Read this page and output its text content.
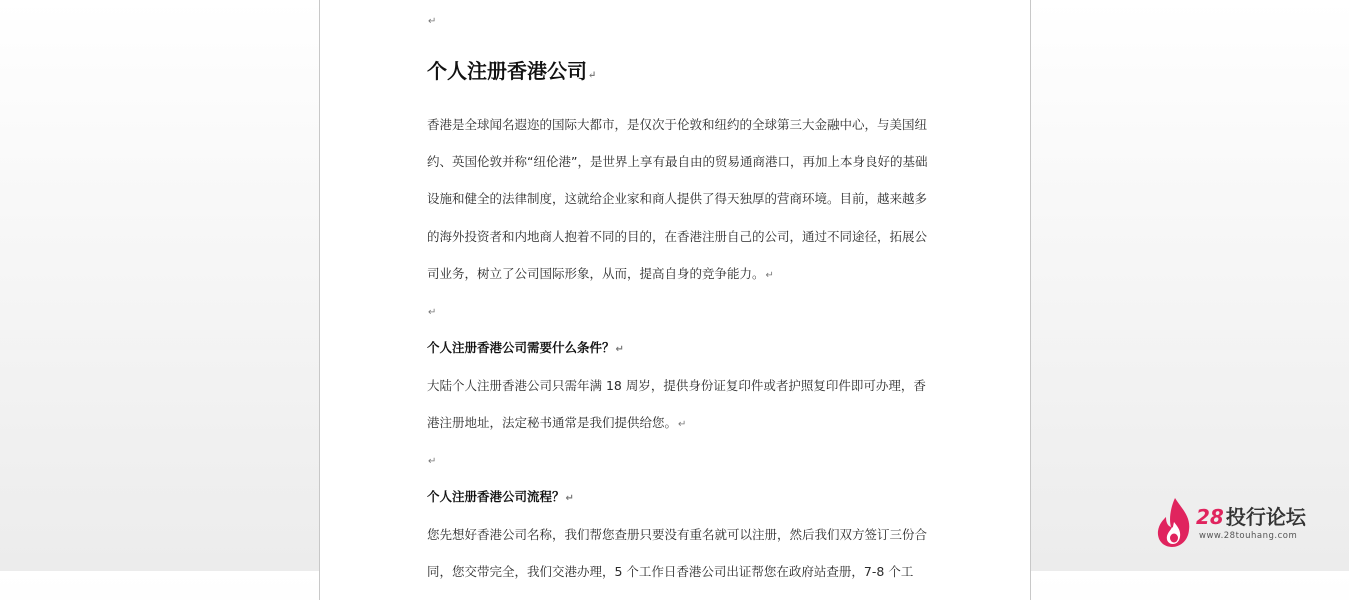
↵
个人注册香港公司↵
香港是全球闻名遐迩的国际大都市，是仅次于伦敦和纽约的全球第三大金融中心，与美国纽
约、英国伦敦并称“纽伦港”，是世界上享有最自由的贸易通商港口，再加上本身良好的基础
设施和健全的法律制度，这就给企业家和商人提供了得天独厚的营商环境。目前，越来越多
的海外投资者和内地商人抱着不同的目的，在香港注册自己的公司，通过不同途径，拓展公
司业务，树立了公司国际形象，从而，提高自身的竞争能力。↵
↵
个人注册香港公司需要什么条件？↵
大陆个人注册香港公司只需年满 18 周岁，提供身份证复印件或者护照复印件即可办理，香
港注册地址，法定秘书通常是我们提供给您。↵
↵
个人注册香港公司流程？↵
您先想好香港公司名称，我们帮您查册只要没有重名就可以注册，然后我们双方签订三份合
同，您交带完全，我们交港办理，5 个工作日香港公司出证帮您在政府站查册，7-8 个工
28 投行论坛
www.28touhang.com
